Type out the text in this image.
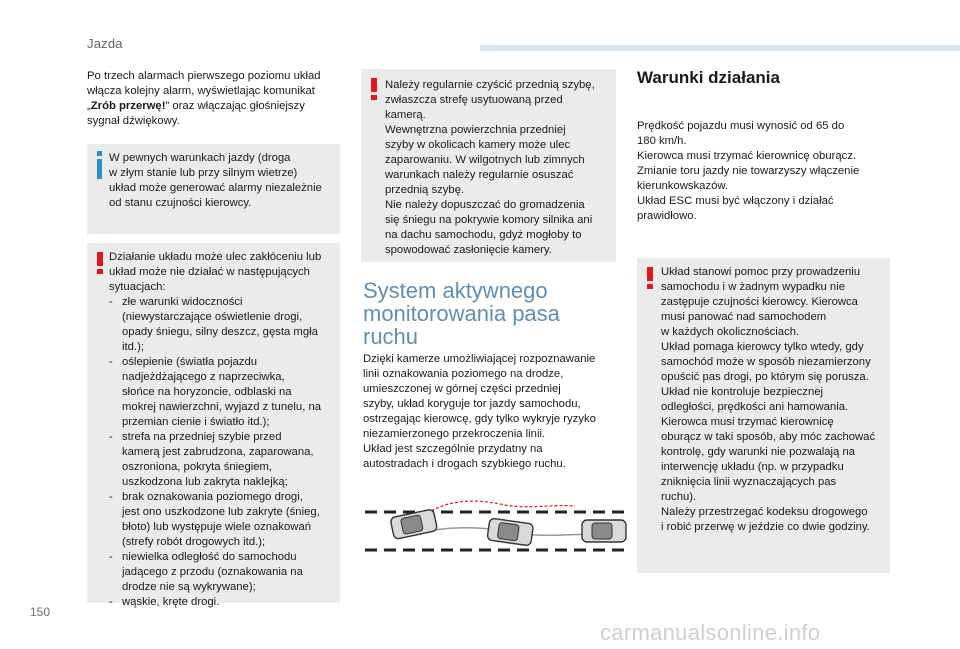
Jazda

Po trzech alarmach pierwszego poziomu układ

włącza kolejny alarm, wyświetlając komunikat

„Zrób przerwę!” oraz włączając głośniejszy

sygnał dźwiękowy.

W pewnych warunkach jazdy (droga

w złym stanie lub przy silnym wietrze)

układ może generować alarmy niezależnie

od stanu czujności kierowcy.

Działanie układu może ulec zakłóceniu lub

układ może nie działać w następujących

sytuacjach:

- złe warunki widoczności
(niewystarczające oświetlenie drogi,
opady śniegu, silny deszcz, gęsta mgła
itd.);
- oślepienie (światła pojazdu
nadjeżdżającego z naprzeciwka,
słońce na horyzoncie, odblaski na
mokrej nawierzchni, wyjazd z tunelu, na
przemian cienie i światło itd.);
- strefa na przedniej szybie przed
kamerą jest zabrudzona, zaparowana,
oszroniona, pokryta śniegiem,
uszkodzona lub zakryta naklejką;
- brak oznakowania poziomego drogi,
jest ono uszkodzone lub zakryte (śnieg,
błoto) lub występuje wiele oznakowań
(strefy robót drogowych itd.);
- niewielka odległość do samochodu
jadącego z przodu (oznakowania na
drodze nie są wykrywane);
- wąskie, kręte drogi.

Należy regularnie czyścić przednią szybę,

zwłaszcza strefę usytuowaną przed

kamerą.

Wewnętrzna powierzchnia przedniej

szyby w okolicach kamery może ulec

zaparowaniu. W wilgotnych lub zimnych

warunkach należy regularnie osuszać

przednią szybę.

Nie należy dopuszczać do gromadzenia

się śniegu na pokrywie komory silnika ani

na dachu samochodu, gdyż mogłoby to

spowodować zasłonięcie kamery.

System aktywnego

monitorowania pasa

ruchu

Dzięki kamerze umożliwiającej rozpoznawanie

linii oznakowania poziomego na drodze,

umieszczonej w górnej części przedniej

szyby, układ koryguje tor jazdy samochodu,

ostrzegając kierowcę, gdy tylko wykryje ryzyko

niezamierzonego przekroczenia linii.

Układ jest szczególnie przydatny na

autostradach i drogach szybkiego ruchu.

Warunki działania

Prędkość pojazdu musi wynosić od 65 do

180 km/h.

Kierowca musi trzymać kierownicę oburącz.

Zmianie toru jazdy nie towarzyszy włączenie

kierunkowskazów.

Układ ESC musi być włączony i działać

prawidłowo.

Układ stanowi pomoc przy prowadzeniu

samochodu i w żadnym wypadku nie

zastępuje czujności kierowcy. Kierowca

musi panować nad samochodem

w każdych okolicznościach.

Układ pomaga kierowcy tylko wtedy, gdy

samochód może w sposób niezamierzony

opuścić pas drogi, po którym się porusza.

Układ nie kontroluje bezpiecznej

odległości, prędkości ani hamowania.

Kierowca musi trzymać kierownicę

oburącz w taki sposób, aby móc zachować

kontrolę, gdy warunki nie pozwalają na

interwencję układu (np. w przypadku

zniknięcia linii wyznaczających pas

ruchu).

Należy przestrzegać kodeksu drogowego

i robić przerwę w jeździe co dwie godziny.

150
carmanualsonline.info
